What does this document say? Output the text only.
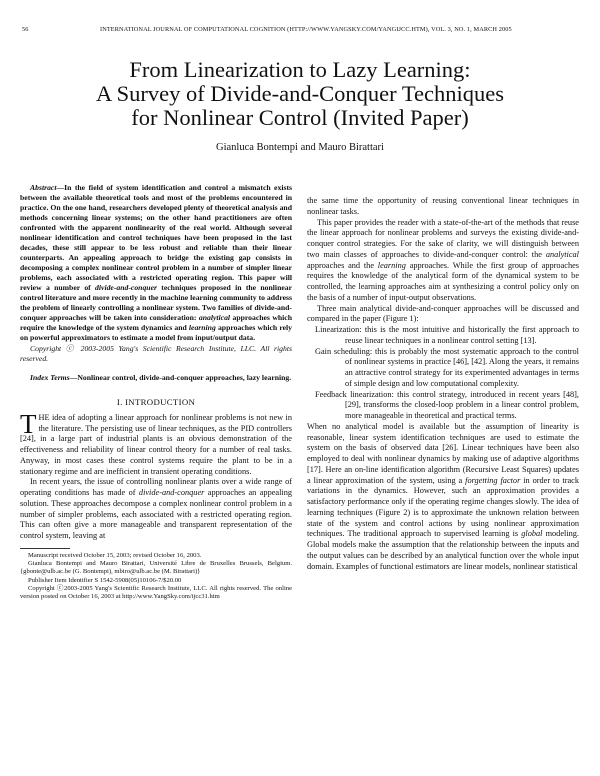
56	INTERNATIONAL JOURNAL OF COMPUTATIONAL COGNITION (HTTP://WWW.YANGSKY.COM/YANGIJCC.HTM), VOL. 3, NO. 1, MARCH 2005
From Linearization to Lazy Learning:
A Survey of Divide-and-Conquer Techniques
for Nonlinear Control (Invited Paper)
Gianluca Bontempi and Mauro Birattari

Abstract—In the field of system identification and control a mismatch exists between the available theoretical tools and most of the problems encountered in practice. On the one hand, researchers developed plenty of theoretical analysis and methods concerning linear systems; on the other hand practitioners are often confronted with the apparent nonlinearity of the real world. Although several nonlinear identification and control techniques have been proposed in the last decades, these still appear to be less robust and reliable than their linear counterparts. An appealing approach to bridge the existing gap consists in decomposing a complex nonlinear control problem in a number of simpler linear problems, each associated with a restricted operating region. This paper will review a number of divide-and-conquer techniques proposed in the nonlinear control literature and more recently in the machine learning community to address the problem of linearly controlling a nonlinear system. Two families of divide-and-conquer approaches will be taken into consideration: analytical approaches which require the knowledge of the system dynamics and learning approaches which rely on powerful approximators to estimate a model from input/output data.

Copyright ⓒ 2003-2005 Yang's Scientific Research Institute, LLC. All rights reserved.

Index Terms—Nonlinear control, divide-and-conquer approaches, lazy learning.

I. INTRODUCTION

THE idea of adopting a linear approach for nonlinear problems is not new in the literature. The persisting use of linear techniques, as the PID controllers [24], in a large part of industrial plants is an obvious demonstration of the effectiveness and reliability of linear control theory for a number of real tasks. Anyway, in most cases these control systems require the plant to be in a stationary regime and are inefficient in transient operating conditions.

In recent years, the issue of controlling nonlinear plants over a wide range of operating conditions has made of divide-and-conquer approaches an appealing solution. These approaches decompose a complex nonlinear control problem in a number of simpler problems, each associated with a restricted operating region. This can often give a more manageable and transparent representation of the control system, leaving at

Manuscript received October 15, 2003; revised October 16, 2003.

Gianluca Bontempi and Mauro Birattari, Université Libre de Bruxelles Brussels, Belgium. {gbonte@ulb.ac.be (G. Bontempi), mbiro@ulb.ac.be (M. Birattari)}

Publisher Item Identifier S 1542-5908(05)10106-7/$20.00

Copyright ⓒ2003-2005 Yang's Scientific Research Institute, LLC. All rights reserved. The online version posted on October 16, 2003 at http://www.YangSky.com/ijcc31.htm

the same time the opportunity of reusing conventional linear techniques in nonlinear tasks.

This paper provides the reader with a state-of-the-art of the methods that reuse the linear approach for nonlinear problems and surveys the existing divide-and-conquer control strategies. For the sake of clarity, we will distinguish between two main classes of approaches to divide-and-conquer control: the analytical approaches and the learning approaches. While the first group of approaches requires the knowledge of the analytical form of the dynamical system to be controlled, the learning approaches aim at synthesizing a control policy only on the basis of a number of input-output observations.

Three main analytical divide-and-conquer approaches will be discussed and compared in the paper (Figure 1):

Linearization: this is the most intuitive and historically the first approach to reuse linear techniques in a nonlinear control setting [13].

Gain scheduling: this is probably the most systematic approach to the control of nonlinear systems in practice [46], [42]. Along the years, it remains an attractive control strategy for its experimented advantages in terms of simple design and low computational complexity.

Feedback linearization: this control strategy, introduced in recent years [48], [29], transforms the closed-loop problem in a linear control problem, more manageable in theoretical and practical terms.

When no analytical model is available but the assumption of linearity is reasonable, linear system identification techniques are used to estimate the system on the basis of observed data [26]. Linear techniques have been also employed to deal with nonlinear dynamics by making use of adaptive algorithms [17]. Here an on-line identification algorithm (Recursive Least Squares) updates a linear approximation of the system, using a forgetting factor in order to track variations in the dynamics. However, such an approximation provides a satisfactory performance only if the operating regime changes slowly. The idea of learning techniques (Figure 2) is to approximate the unknown relation between state of the system and control actions by using nonlinear approximation techniques. The traditional approach to supervised learning is global modeling. Global models make the assumption that the relationship between the inputs and the output values can be described by an analytical function over the whole input domain. Examples of functional estimators are linear models, nonlinear statistical
